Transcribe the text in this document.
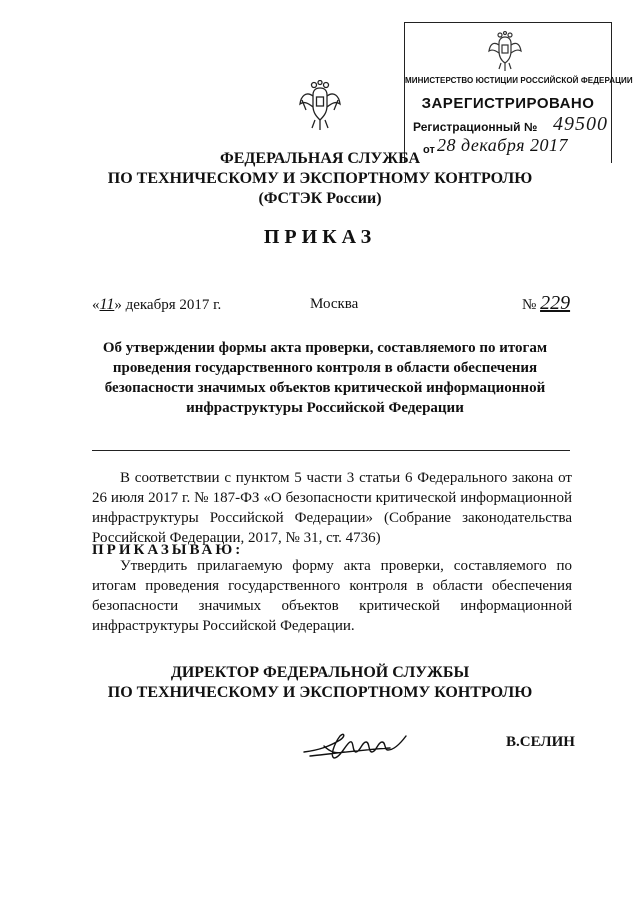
МИНИСТЕРСТВО ЮСТИЦИИ РОССИЙСКОЙ ФЕДЕРАЦИИ
ЗАРЕГИСТРИРОВАНО
Регистрационный № 49500
от 28 декабря 2017
ФЕДЕРАЛЬНАЯ СЛУЖБА
ПО ТЕХНИЧЕСКОМУ И ЭКСПОРТНОМУ КОНТРОЛЮ
(ФСТЭК России)
ПРИКАЗ
«11» декабря 2017 г.	Москва	№ 229
Об утверждении формы акта проверки, составляемого по итогам проведения государственного контроля в области обеспечения безопасности значимых объектов критической информационной инфраструктуры Российской Федерации
В соответствии с пунктом 5 части 3 статьи 6 Федерального закона от 26 июля 2017 г. № 187-ФЗ «О безопасности критической информационной инфраструктуры Российской Федерации» (Собрание законодательства Российской Федерации, 2017, № 31, ст. 4736)
ПРИКАЗЫВАЮ:
Утвердить прилагаемую форму акта проверки, составляемого по итогам проведения государственного контроля в области обеспечения безопасности значимых объектов критической информационной инфраструктуры Российской Федерации.
ДИРЕКТОР ФЕДЕРАЛЬНОЙ СЛУЖБЫ
ПО ТЕХНИЧЕСКОМУ И ЭКСПОРТНОМУ КОНТРОЛЮ
В.СЕЛИН
